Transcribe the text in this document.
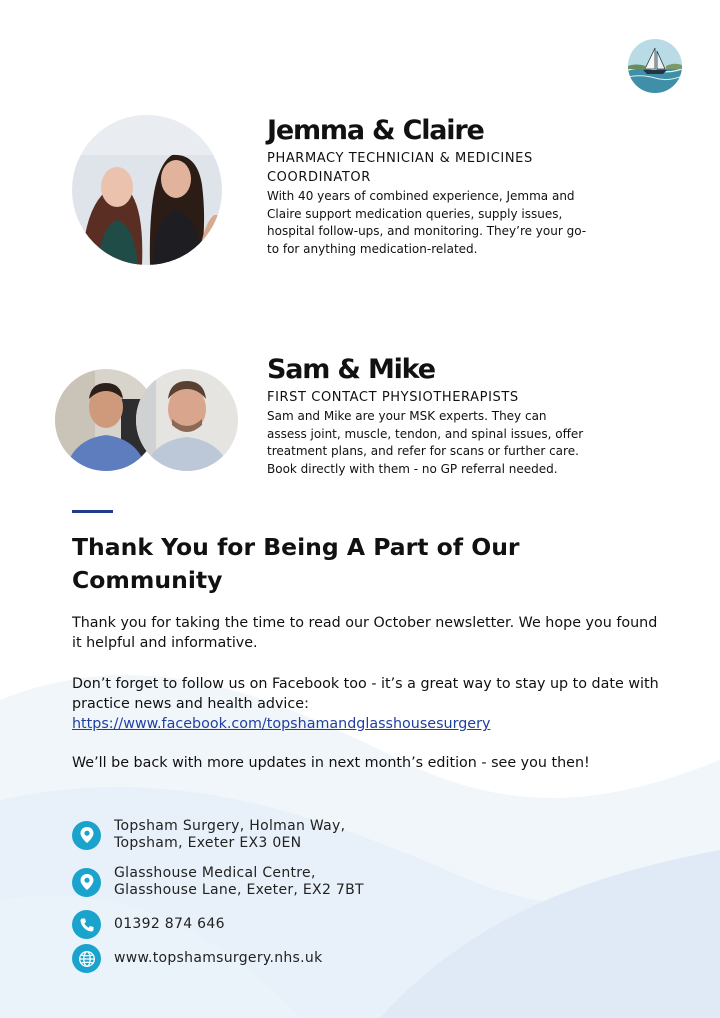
Jemma & Claire
PHARMACY TECHNICIAN & MEDICINES COORDINATOR
With 40 years of combined experience, Jemma and Claire support medication queries, supply issues, hospital follow-ups, and monitoring. They’re your go-to for anything medication-related.
Sam & Mike
FIRST CONTACT PHYSIOTHERAPISTS
Sam and Mike are your MSK experts. They can assess joint, muscle, tendon, and spinal issues, offer treatment plans, and refer for scans or further care. Book directly with them - no GP referral needed.
Thank You for Being A Part of Our Community

Thank you for taking the time to read our October newsletter. We hope you found it helpful and informative.

Don’t forget to follow us on Facebook too - it’s a great way to stay up to date with practice news and health advice: https://www.facebook.com/topshamandglasshousesurgery

We’ll be back with more updates in next month’s edition - see you then!

Topsham Surgery, Holman Way,
Topsham, Exeter EX3 0EN
Glasshouse Medical Centre,
Glasshouse Lane, Exeter, EX2 7BT
01392 874 646
www.topshamsurgery.nhs.uk
